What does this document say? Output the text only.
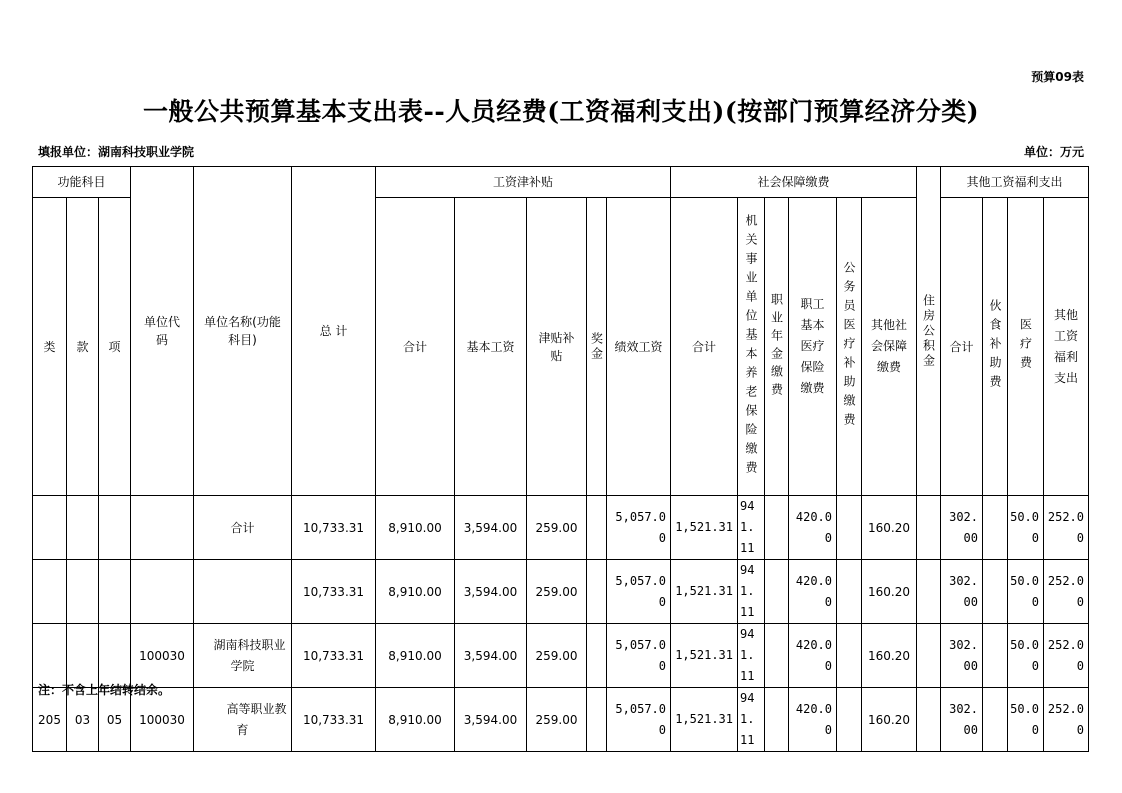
预算09表
一般公共预算基本支出表--人员经费(工资福利支出)(按部门预算经济分类)
填报单位：湖南科技职业学院	单位：万元
功能科目			单位代码	单位名称(功能科目)	总 计	工资津补贴					社会保障缴费						住房公积金	其他工资福利支出			
类	款	项				合计	基本工资	津贴补贴	奖金	绩效工资	合计	机关事业单位基本养老保险缴费	职业年金缴费	职工基本医疗保险缴费	公务员医疗补助缴费	其他社会保障缴费		合计	伙食补助费	医疗费	其他工资福利支出

				合计	10,733.31	8,910.00	3,594.00	259.00		5,057.00	1,521.31	941.11		420.00		160.20		302.00		50.00	252.00

					10,733.31	8,910.00	3,594.00	259.00		5,057.00	1,521.31	941.11		420.00		160.20		302.00		50.00	252.00

			100030	湖南科技职业学院	10,733.31	8,910.00	3,594.00	259.00		5,057.00	1,521.31	941.11		420.00		160.20		302.00		50.00	252.00

205	03	05	100030	高等职业教育	10,733.31	8,910.00	3,594.00	259.00		5,057.00	1,521.31	941.11		420.00		160.20		302.00		50.00	252.00
注：不含上年结转结余。
